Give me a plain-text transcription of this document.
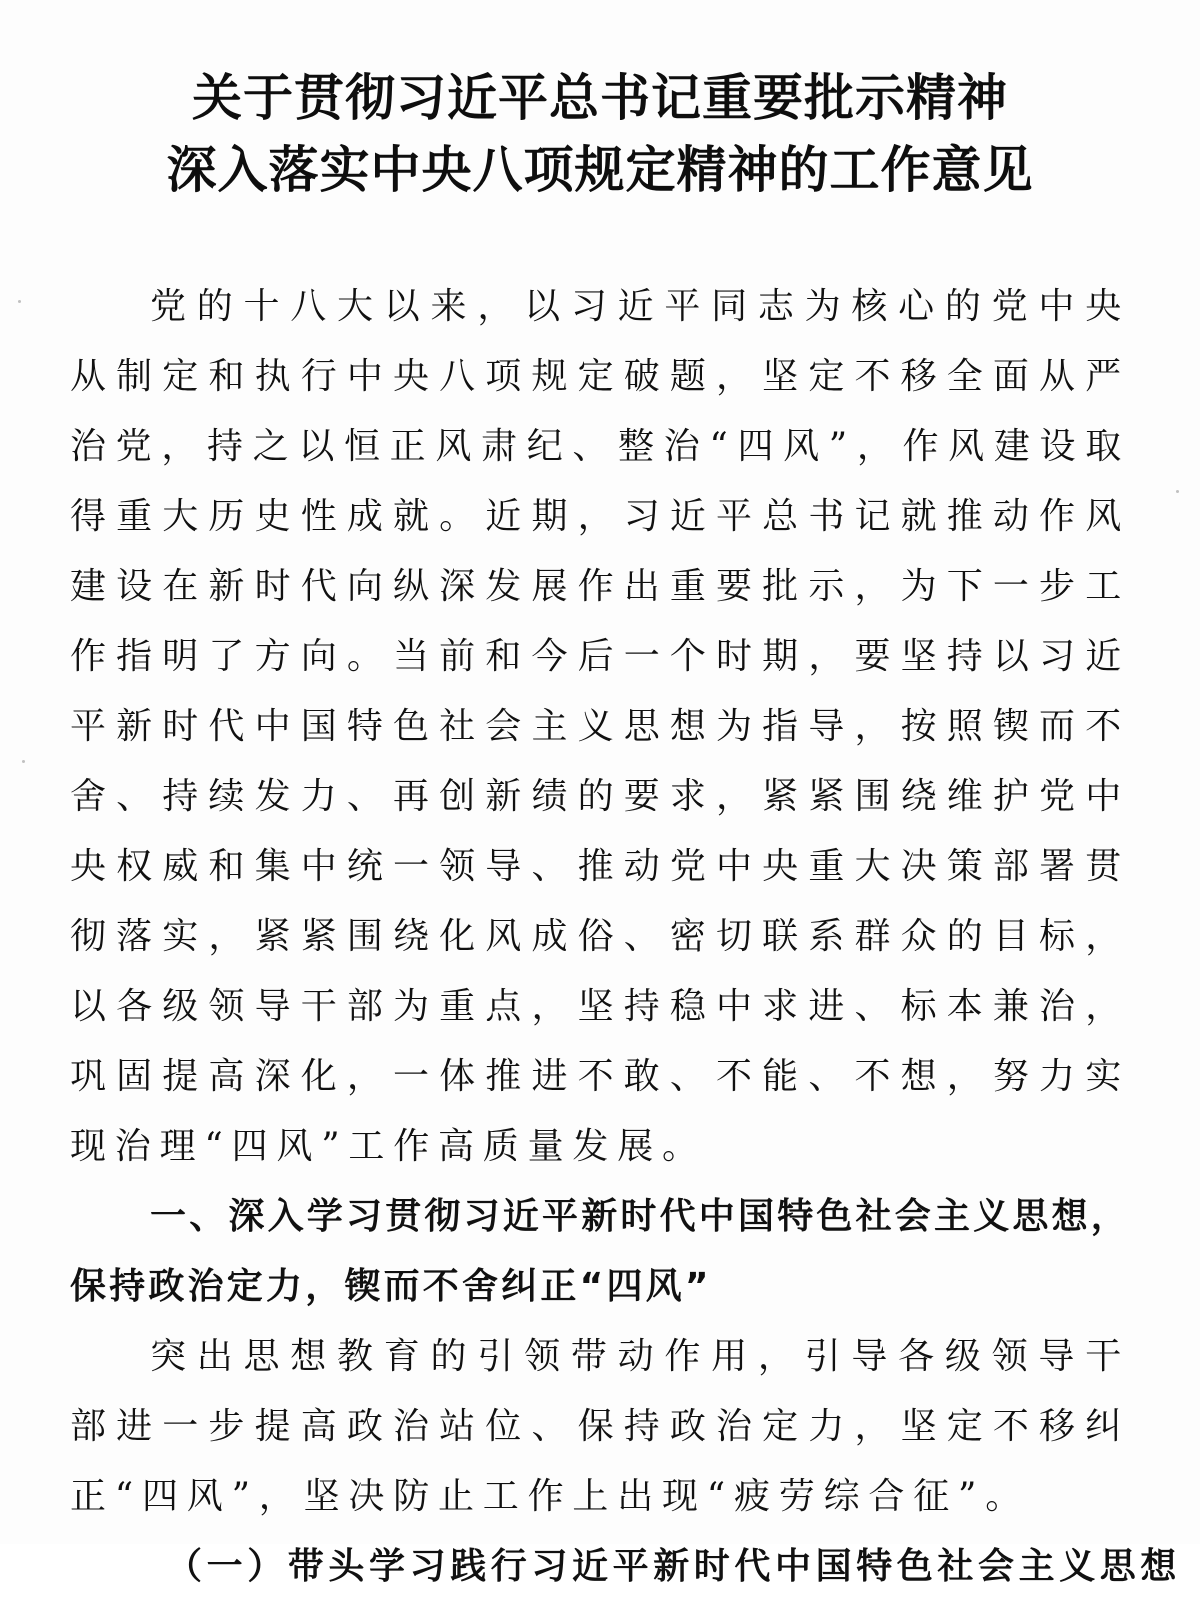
关于贯彻习近平总书记重要批示精神
深入落实中央八项规定精神的工作意见

党的十八大以来，以习近平同志为核心的党中央从制定和执行中央八项规定破题，坚定不移全面从严治党，持之以恒正风肃纪、整治“四风”，作风建设取得重大历史性成就。近期，习近平总书记就推动作风建设在新时代向纵深发展作出重要批示，为下一步工作指明了方向。当前和今后一个时期，要坚持以习近平新时代中国特色社会主义思想为指导，按照锲而不舍、持续发力、再创新绩的要求，紧紧围绕维护党中央权威和集中统一领导、推动党中央重大决策部署贯彻落实，紧紧围绕化风成俗、密切联系群众的目标，以各级领导干部为重点，坚持稳中求进、标本兼治，巩固提高深化，一体推进不敢、不能、不想，努力实现治理“四风”工作高质量发展。

一、深入学习贯彻习近平新时代中国特色社会主义思想，保持政治定力，锲而不舍纠正“四风”

突出思想教育的引领带动作用，引导各级领导干部进一步提高政治站位、保持政治定力，坚定不移纠正“四风”，坚决防止工作上出现“疲劳综合征”。

（一）带头学习践行习近平新时代中国特色社会主义思想
